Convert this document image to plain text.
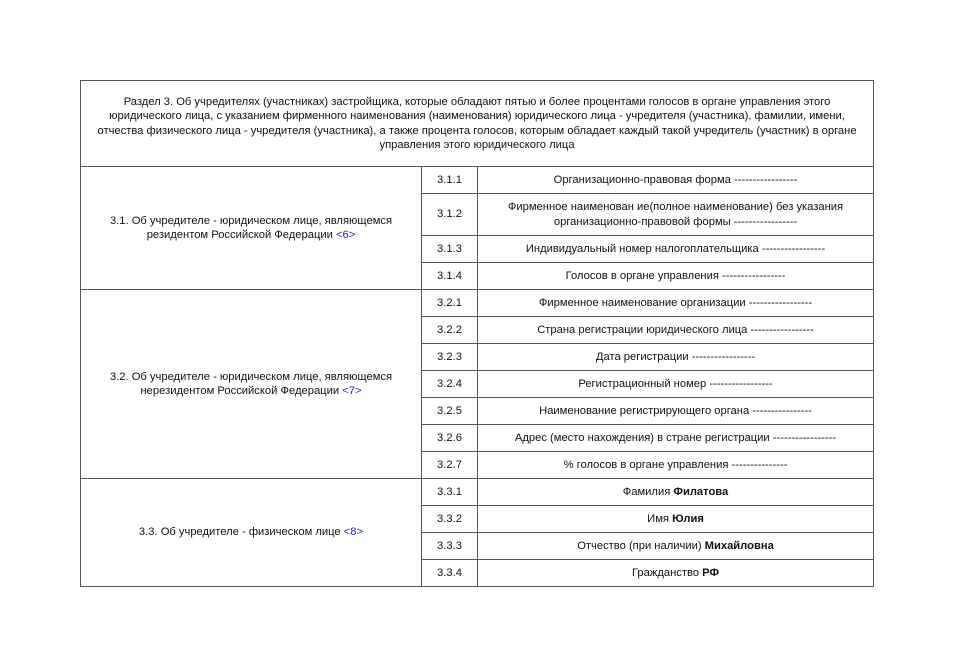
Раздел 3. Об учредителях (участниках) застройщика, которые обладают пятью и более процентами голосов в органе управления этого юридического лица, с указанием фирменного наименования (наименования) юридического лица - учредителя (участника), фамилии, имени, отчества физического лица - учредителя (участника), а также процента голосов, которым обладает каждый такой учредитель (участник) в органе управления этого юридического лица		
3.1. Об учредителе - юридическом лице, являющемся резидентом Российской Федерации <6>	3.1.1	Организационно-правовая форма -----------------
	3.1.2	Фирменное наименован ие(полное наименование) без указания организационно-правовой формы -----------------
	3.1.3	Индивидуальный номер налогоплательщика -----------------
	3.1.4	Голосов в органе управления -----------------
3.2. Об учредителе - юридическом лице, являющемся нерезидентом Российской Федерации <7>	3.2.1	Фирменное наименование организации -----------------
	3.2.2	Страна регистрации юридического лица -----------------
	3.2.3	Дата регистрации -----------------
	3.2.4	Регистрационный номер -----------------
	3.2.5	Наименование регистрирующего органа ----------------
	3.2.6	Адрес (место нахождения) в стране регистрации -----------------
	3.2.7	% голосов в органе управления ---------------
3.3. Об учредителе - физическом лице <8>	3.3.1	Фамилия Филатова
	3.3.2	Имя Юлия
	3.3.3	Отчество (при наличии) Михайловна
	3.3.4	Гражданство РФ
